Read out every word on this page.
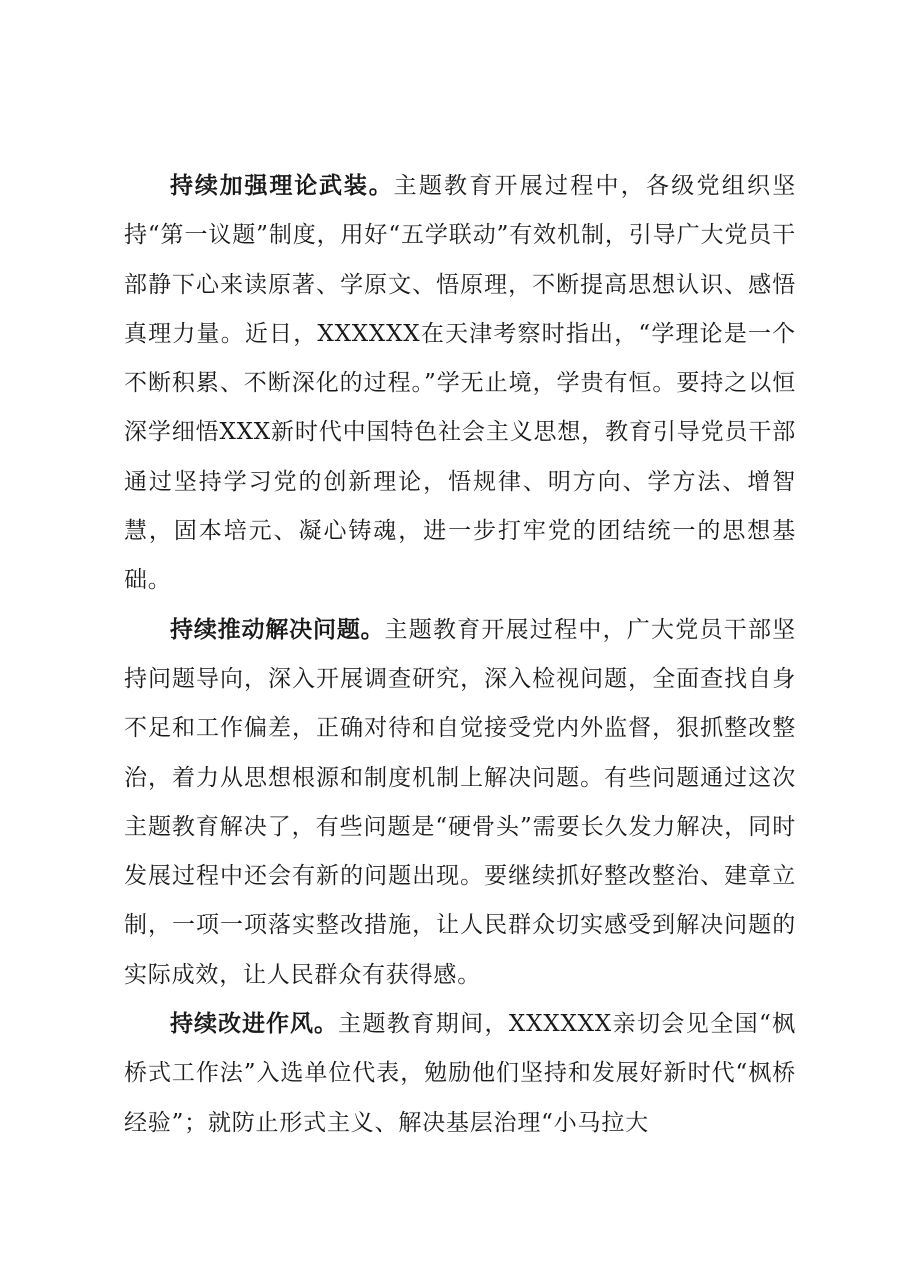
持续加强理论武装。主题教育开展过程中，各级党组织坚持“第一议题”制度，用好“五学联动”有效机制，引导广大党员干部静下心来读原著、学原文、悟原理，不断提高思想认识、感悟真理力量。近日，XXXXXX在天津考察时指出，“学理论是一个不断积累、不断深化的过程。”学无止境，学贵有恒。要持之以恒深学细悟XXX新时代中国特色社会主义思想，教育引导党员干部通过坚持学习党的创新理论，悟规律、明方向、学方法、增智慧，固本培元、凝心铸魂，进一步打牢党的团结统一的思想基础。

持续推动解决问题。主题教育开展过程中，广大党员干部坚持问题导向，深入开展调查研究，深入检视问题，全面查找自身不足和工作偏差，正确对待和自觉接受党内外监督，狠抓整改整治，着力从思想根源和制度机制上解决问题。有些问题通过这次主题教育解决了，有些问题是“硬骨头”需要长久发力解决，同时发展过程中还会有新的问题出现。要继续抓好整改整治、建章立制，一项一项落实整改措施，让人民群众切实感受到解决问题的实际成效，让人民群众有获得感。

持续改进作风。主题教育期间，XXXXXX亲切会见全国“枫桥式工作法”入选单位代表，勉励他们坚持和发展好新时代“枫桥经验”；就防止形式主义、解决基层治理“小马拉大
